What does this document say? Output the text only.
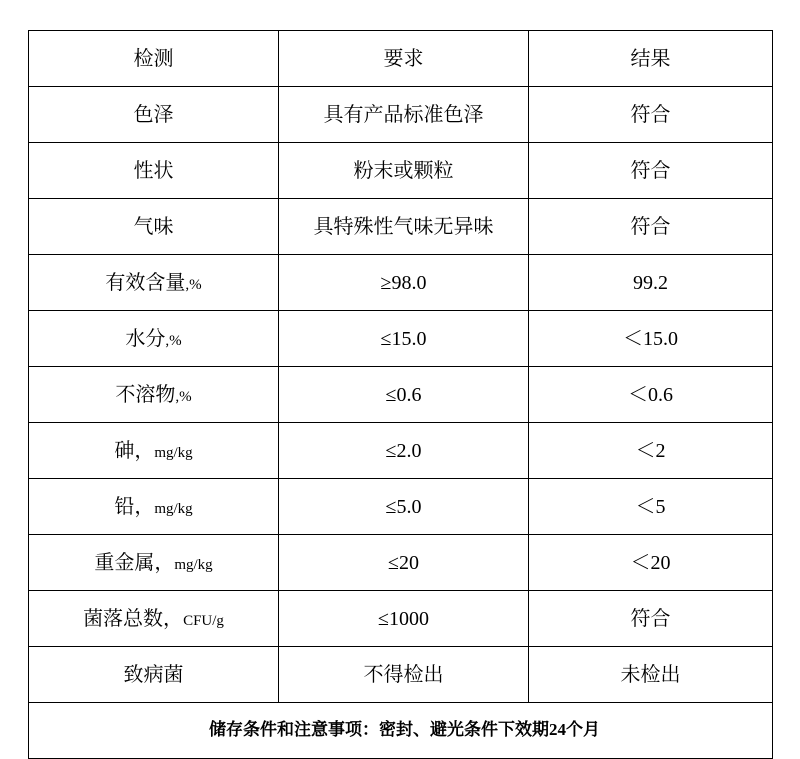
检测	要求	结果

色泽	具有产品标准色泽	符合

性状	粉末或颗粒	符合

气味	具特殊性气味无异味	符合

有效含量,%	≥98.0	99.2

水分,%	≤15.0	＜15.0

不溶物,%	≤0.6	＜0.6

砷，mg/kg	≤2.0	＜2

铅，mg/kg	≤5.0	＜5

重金属，mg/kg	≤20	＜20

菌落总数，CFU/g	≤1000	符合

致病菌	不得检出	未检出

储存条件和注意事项：密封、避光条件下效期24个月		
